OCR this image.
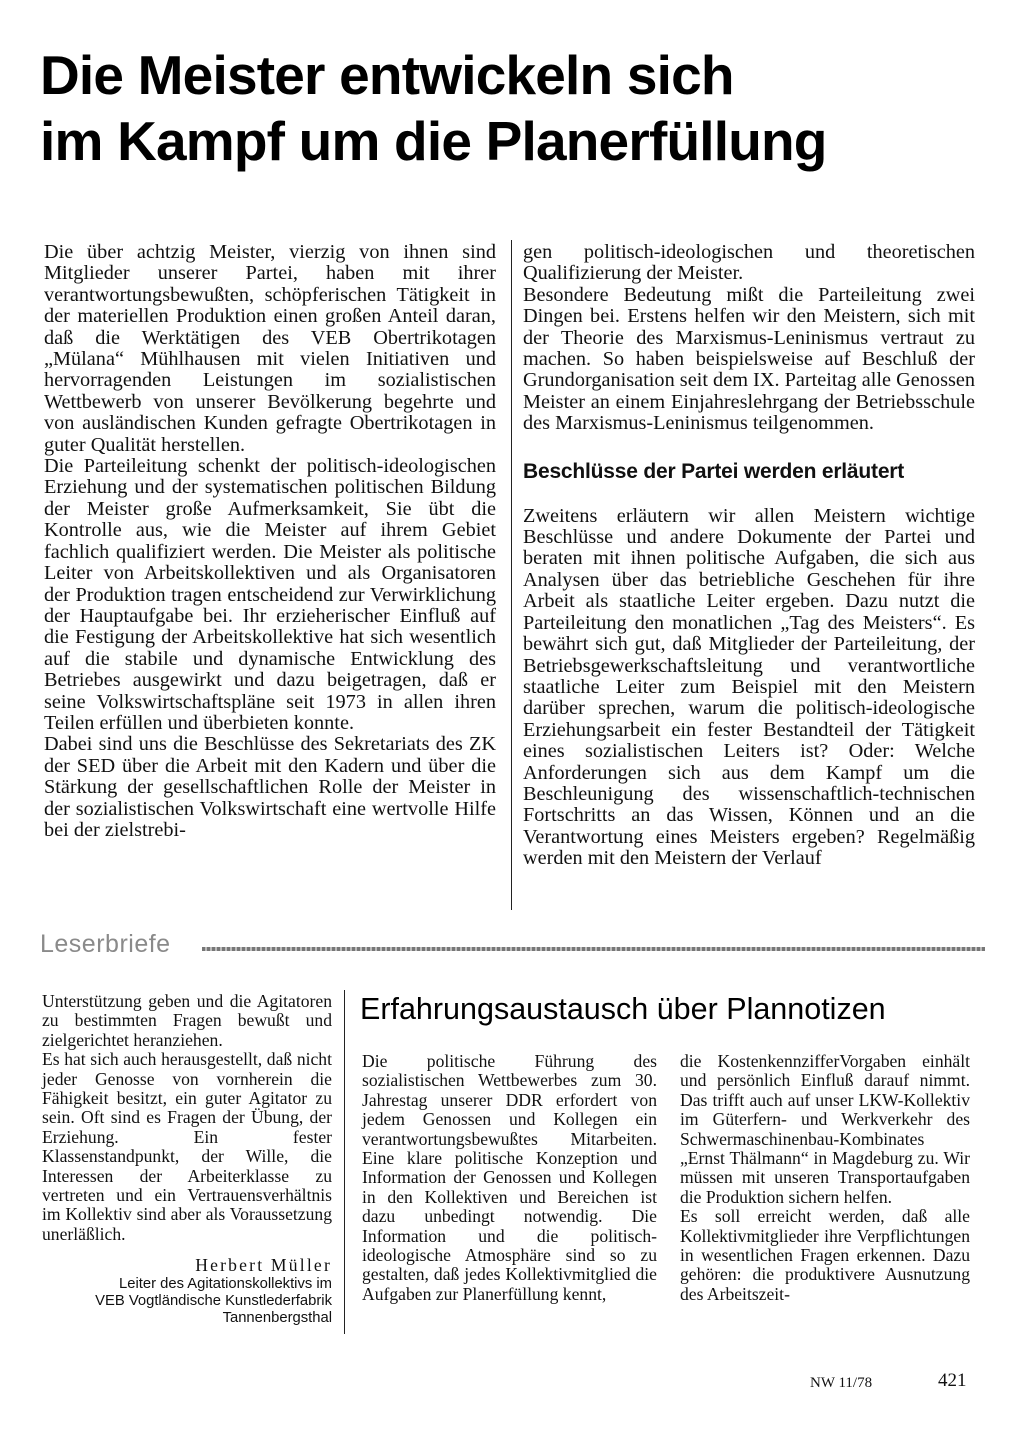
Die Meister entwickeln sich
im Kampf um die Planerfüllung

Die über achtzig Meister, vierzig von ihnen sind Mitglieder unserer Partei, haben mit ihrer verantwortungsbewußten, schöpferischen Tätigkeit in der materiellen Produktion einen großen Anteil daran, daß die Werktätigen des VEB Obertrikotagen „Mülana“ Mühlhausen mit vielen Initiativen und hervorragenden Leistungen im sozialistischen Wettbewerb von unserer Bevölkerung begehrte und von ausländischen Kunden gefragte Obertrikotagen in guter Qualität herstellen.

Die Parteileitung schenkt der politisch-ideologischen Erziehung und der systematischen politischen Bildung der Meister große Aufmerksamkeit, Sie übt die Kontrolle aus, wie die Meister auf ihrem Gebiet fachlich qualifiziert werden. Die Meister als politische Leiter von Arbeitskollektiven und als Organisatoren der Produktion tragen entscheidend zur Verwirklichung der Hauptaufgabe bei. Ihr erzieherischer Einfluß auf die Festigung der Arbeitskollektive hat sich wesentlich auf die stabile und dynamische Entwicklung des Betriebes ausgewirkt und dazu beigetragen, daß er seine Volkswirtschaftspläne seit 1973 in allen ihren Teilen erfüllen und überbieten konnte.

Dabei sind uns die Beschlüsse des Sekretariats des ZK der SED über die Arbeit mit den Kadern und über die Stärkung der gesellschaftlichen Rolle der Meister in der sozialistischen Volkswirtschaft eine wertvolle Hilfe bei der zielstrebi-

gen politisch-ideologischen und theoretischen Qualifizierung der Meister.

Besondere Bedeutung mißt die Parteileitung zwei Dingen bei. Erstens helfen wir den Meistern, sich mit der Theorie des Marxismus-Leninismus vertraut zu machen. So haben beispielsweise auf Beschluß der Grundorganisation seit dem IX. Parteitag alle Genossen Meister an einem Einjahreslehrgang der Betriebsschule des Marxismus-Leninismus teilgenommen.

Beschlüsse der Partei werden erläutert

Zweitens erläutern wir allen Meistern wichtige Beschlüsse und andere Dokumente der Partei und beraten mit ihnen politische Aufgaben, die sich aus Analysen über das betriebliche Geschehen für ihre Arbeit als staatliche Leiter ergeben. Dazu nutzt die Parteileitung den monatlichen „Tag des Meisters“. Es bewährt sich gut, daß Mitglieder der Parteileitung, der Betriebsgewerkschaftsleitung und verantwortliche staatliche Leiter zum Beispiel mit den Meistern darüber sprechen, warum die politisch-ideologische Erziehungsarbeit ein fester Bestandteil der Tätigkeit eines sozialistischen Leiters ist? Oder: Welche Anforderungen sich aus dem Kampf um die Beschleunigung des wissenschaftlich-technischen Fortschritts an das Wissen, Können und an die Verantwortung eines Meisters ergeben? Regelmäßig werden mit den Meistern der Verlauf

Leserbriefe

Unterstützung geben und die Agitatoren zu bestimmten Fragen bewußt und zielgerichtet heranziehen.

Es hat sich auch herausgestellt, daß nicht jeder Genosse von vornherein die Fähigkeit besitzt, ein guter Agitator zu sein. Oft sind es Fragen der Übung, der Erziehung. Ein fester Klassenstandpunkt, der Wille, die Interessen der Arbeiterklasse zu vertreten und ein Vertrauensverhältnis im Kollektiv sind aber als Voraussetzung unerläßlich.

Herbert Müller
Leiter des Agitationskollektivs im
VEB Vogtländische Kunstlederfabrik
Tannenbergsthal
Erfahrungsaustausch über Plannotizen

Die politische Führung des sozialistischen Wettbewerbes zum 30. Jahrestag unserer DDR erfordert von jedem Genossen und Kollegen ein verantwortungsbewußtes Mitarbeiten. Eine klare politische Konzeption und Information der Genossen und Kollegen in den Kollektiven und Bereichen ist dazu unbedingt notwendig. Die Information und die politisch-ideologische Atmosphäre sind so zu gestalten, daß jedes Kollektivmitglied die Aufgaben zur Planerfüllung kennt,

die KostenkennzifferVorgaben einhält und persönlich Einfluß darauf nimmt. Das trifft auch auf unser LKW-Kollektiv im Güterfern- und Werkverkehr des Schwermaschinenbau-Kombinates „Ernst Thälmann“ in Magdeburg zu. Wir müssen mit unseren Transportaufgaben die Produktion sichern helfen.

Es soll erreicht werden, daß alle Kollektivmitglieder ihre Verpflichtungen in wesentlichen Fragen erkennen. Dazu gehören: die produktivere Ausnutzung des Arbeitszeit-

NW 11/78	421
